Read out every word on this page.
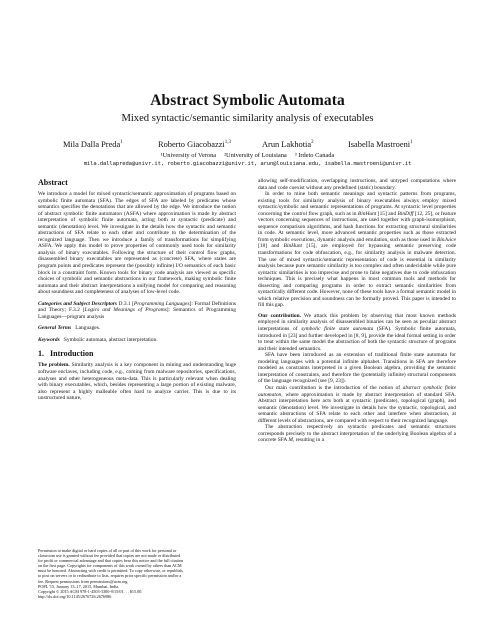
Abstract Symbolic Automata
Mixed syntactic/semantic similarity analysis of executables
Mila Dalla Preda$^1$	Roberto Giacobazzi$^{1,3}$	Arun Lakhotia$^2$	Isabella Mastroeni$^1$
¹University of Verona     ²University of Louisiana     ³ Irdeto Canada
mila.dallapreda@univr.it, roberto.giacobazzi@univr.it, arun@louisiana.edu, isabella.mastroeni@univr.it
Abstract

We introduce a model for mixed syntactic/semantic approximation of programs based on symbolic finite automata (SFA). The edges of SFA are labeled by predicates whose semantics specifies the denotations that are allowed by the edge. We introduce the notion of abstract symbolic finite automaton (ASFA) where approximation is made by abstract interpretation of symbolic finite automata, acting both at syntactic (predicate) and semantic (denotation) level. We investigate in the details how the syntactic and semantic abstractions of SFA relate to each other and contribute to the determination of the recognized language. Then we introduce a family of transformations for simplifying ASFA. We apply this model to prove properties of commonly used tools for similarity analysis of binary executables. Following the structure of their control flow graphs, disassembled binary executables are represented as (concrete) SFA, where states are program points and predicates represent the (possibly infinite) I/O semantics of each basic block in a constraint form. Known tools for binary code analysis are viewed as specific choices of symbolic and semantic abstractions in our framework, making symbolic finite automata and their abstract interpretations a unifying model for comparing and reasoning about soundness and completeness of analyses of low-level code.

Categories and Subject Descriptors D.3.1 [Programming Languages]: Formal Definitions and Theory; F.3.2 [Logics and Meanings of Programs]: Semantics of Programming Languages—program analysis

General Terms Languages.

Keywords Symbolic automata, abstract interpretation.

1.   Introduction

The problem. Similarity analysis is a key component in mining and understanding huge software enclaves, including code, e.g., coming from malware repositories, specifications, analyses and other heterogeneous meta-data. This is particularly relevant when dealing with binary executables, which, besides representing a large portion of existing malware, also represent a highly malleable often hard to analyze carrier. This is due to its unstructured nature,

Permission to make digital or hard copies of all or part of this work for personal or
classroom use is granted without fee provided that copies are not made or distributed
for profit or commercial advantage and that copies bear this notice and the full citation
on the first page. Copyrights for components of this work owned by others than ACM
must be honored. Abstracting with credit is permitted. To copy otherwise, or republish,
to post on servers or to redistribute to lists, requires prior specific permission and/or a
fee. Request permissions from permissions@acm.org.
POPL '15, January 15–17, 2015, Mumbai, India.
Copyright © 2015 ACM 978-1-4503-3300-9/15/01. . . $15.00.
http://dx.doi.org/10.1145/2676726.2676986

allowing self-modification, overlapping instructions, and untyped computations where data and code coexist without any predefined (static) boundary.

In order to mine both semantic meanings and syntactic patterns from programs, existing tools for similarity analysis of binary executables always employ mixed syntactic/symbolic and semantic representations of programs. At syntactic level properties concerning the control flow graph, such as in BinHunt [15] and BinDiff [12, 25], or feature vectors concerning sequences of instructions, are used together with graph-isomorphism, sequence comparison algorithms, and hash functions for extracting structural similarities in code. At semantic level, more advanced semantic properties such as those extracted from symbolic executions, dynamic analysis and emulation, such as those used in BinJuice [18] and BinHunt [15], are employed for bypassing semantic preserving code transformations for code obfuscation, e.g., for similarity analysis in malware detection. The use of mixed syntactic/semantic representation of code is essential in similarity analysis because pure semantic similarity is too complex and often undecidable while pure syntactic similarities is too imprecise and prone to false negatives due to code obfuscation techniques. This is precisely what happens in most common tools and methods for dissecting and comparing programs in order to extract semantic similarities from syntactically different code. However, none of these tools have a formal semantic model in which relative precision and soundness can be formally proved. This paper is intended to fill this gap.

Our contribution. We attack this problem by observing that most known methods employed in similarity analysis of disassembled binaries can be seen as peculiar abstract interpretations of symbolic finite state automata (SFA). Symbolic finite automata, introduced in [23] and further developed in [8, 9], provide the ideal formal setting in order to treat within the same model the abstraction of both the syntactic structure of programs and their intended semantics.

SFA have been introduced as an extension of traditional finite state automata for modeling languages with a potential infinite alphabet. Transitions in SFA are therefore modeled as constraints interpreted in a given Boolean algebra, providing the semantic interpretation of constraints, and therefore the (potentially infinite) structural components of the language recognized (see [9, 23]).

Our main contribution is the introduction of the notion of abstract symbolic finite automaton, where approximation is made by abstract interpretation of standard SFA. Abstract interpretation here acts both at syntactic (predicate), topological (graph), and semantic (denotation) level. We investigate in details how the syntactic, topological, and semantic abstractions of SFA relate to each other and interfere when abstraction, at different levels of abstractions, are compared with respect to their recognized language.

The abstraction respectively on syntactic predicates and semantic structures corresponds precisely to the abstract interpretation of the underlying Boolean algebra of a concrete SFA M, resulting in a
